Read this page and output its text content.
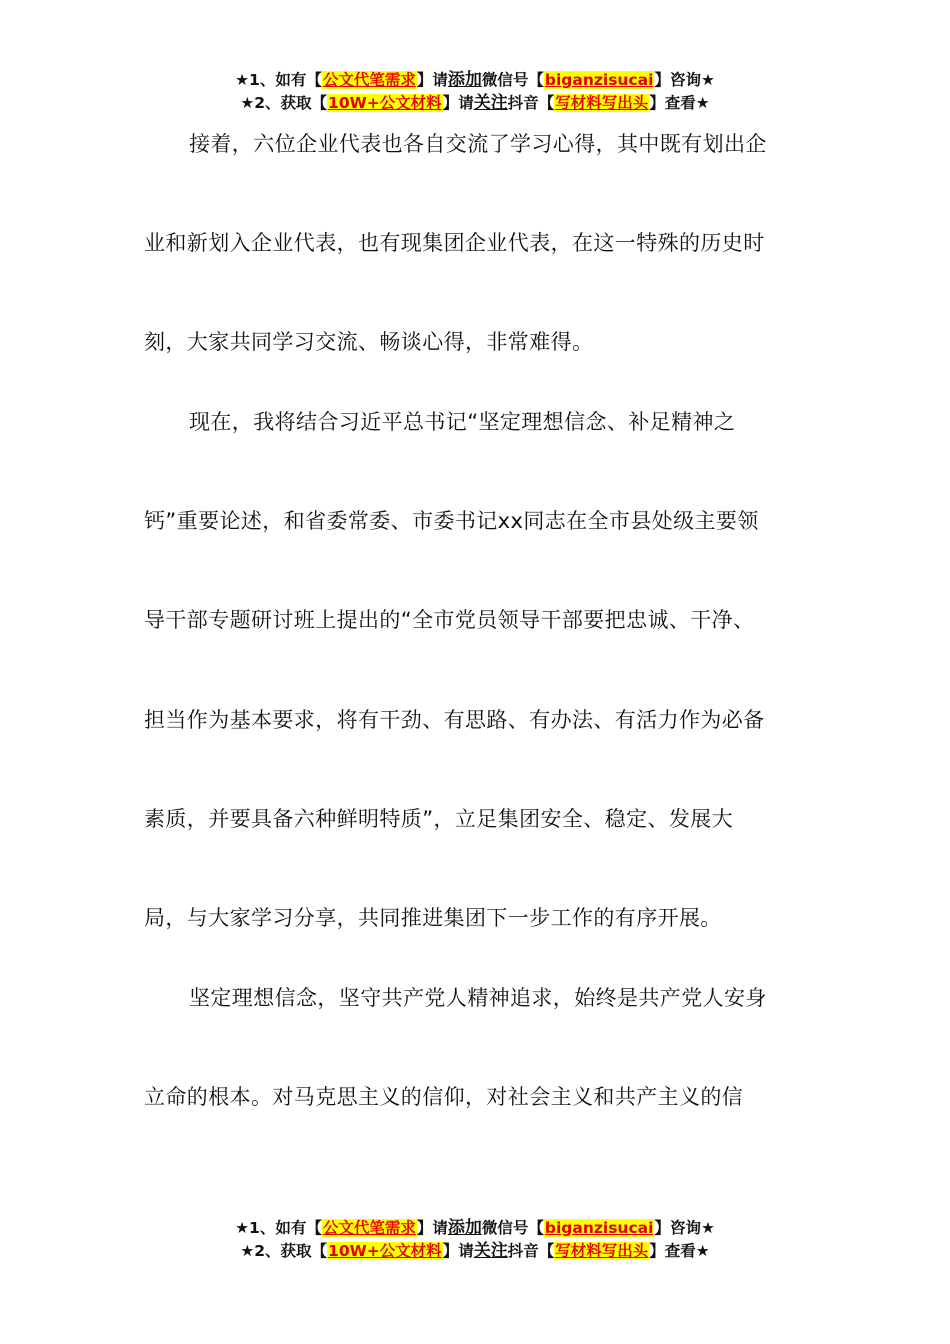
★1、如有【公文代笔需求】请添加微信号【biganzisucai】咨询★
★2、获取【10W+公文材料】请关注抖音【写材料写出头】查看★
接着，六位企业代表也各自交流了学习心得，其中既有划出企
业和新划入企业代表，也有现集团企业代表，在这一特殊的历史时
刻，大家共同学习交流、畅谈心得，非常难得。
现在，我将结合习近平总书记“坚定理想信念、补足精神之
钙”重要论述，和省委常委、市委书记xx同志在全市县处级主要领
导干部专题研讨班上提出的“全市党员领导干部要把忠诚、干净、
担当作为基本要求，将有干劲、有思路、有办法、有活力作为必备
素质，并要具备六种鲜明特质”，立足集团安全、稳定、发展大
局，与大家学习分享，共同推进集团下一步工作的有序开展。
坚定理想信念，坚守共产党人精神追求，始终是共产党人安身
立命的根本。对马克思主义的信仰，对社会主义和共产主义的信
★1、如有【公文代笔需求】请添加微信号【biganzisucai】咨询★
★2、获取【10W+公文材料】请关注抖音【写材料写出头】查看★
